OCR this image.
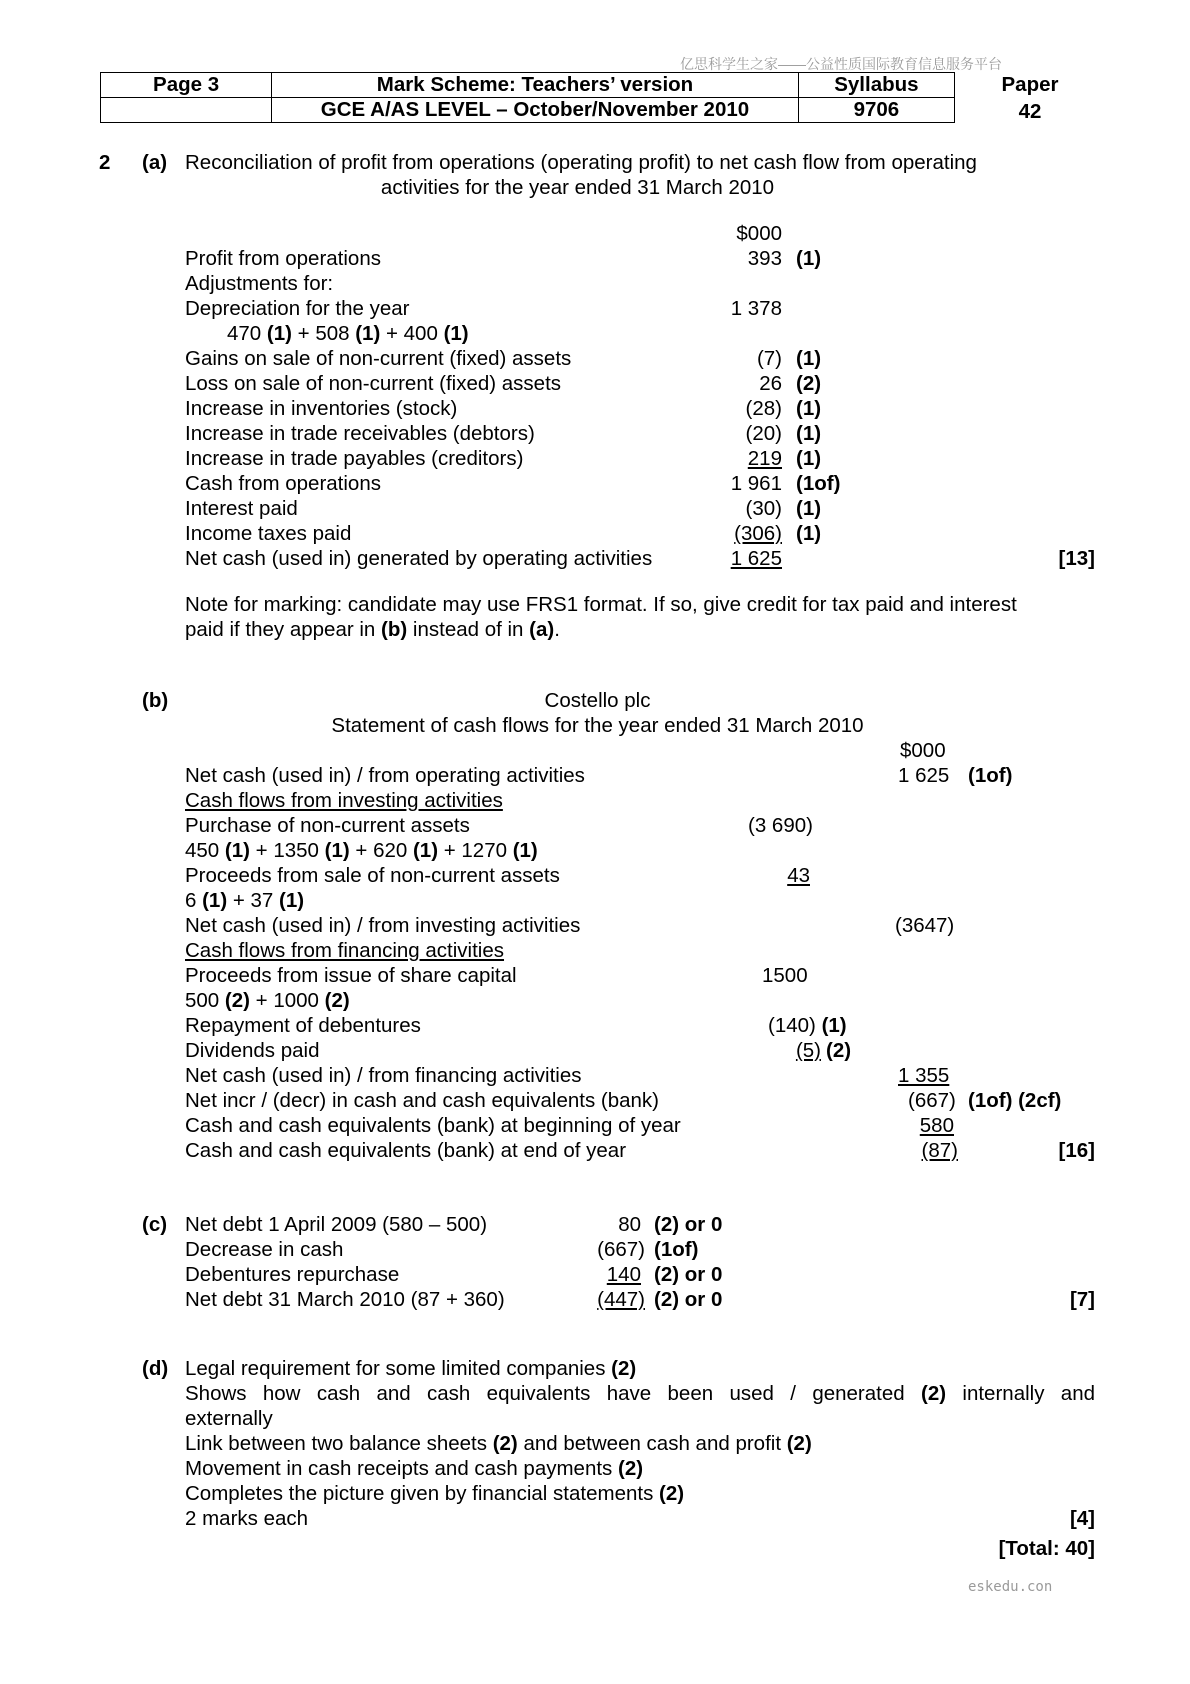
亿思科学生之家——公益性质国际教育信息服务平台
Page 3	Mark Scheme: Teachers’ version	Syllabus
	GCE A/AS LEVEL – October/November 2010	9706
Paper
42
2 (a) Reconciliation of profit from operations (operating profit) to net cash flow from operating
activities for the year ended 31 March 2010
$000
Profit from operations	393 (1)
Adjustments for:
Depreciation for the year	1 378
470 (1) + 508 (1) + 400 (1)
Gains on sale of non-current (fixed) assets	(7) (1)
Loss on sale of non-current (fixed) assets	26 (2)
Increase in inventories (stock)	(28) (1)
Increase in trade receivables (debtors)	(20) (1)
Increase in trade payables (creditors)	219 (1)
Cash from operations	1 961 (1of)
Interest paid	(30) (1)
Income taxes paid	(306) (1)
Net cash (used in) generated by operating activities	1 625	[13]
Note for marking: candidate may use FRS1 format. If so, give credit for tax paid and interest
paid if they appear in (b) instead of in (a).
(b)	Costello plc
Statement of cash flows for the year ended 31 March 2010
$000
Net cash (used in) / from operating activities	1 625 (1of)
Cash flows from investing activities
Purchase of non-current assets	(3 690)
450 (1) + 1350 (1) + 620 (1) + 1270 (1)
Proceeds from sale of non-current assets	43
6 (1) + 37 (1)
Net cash (used in) / from investing activities	(3647)
Cash flows from financing activities
Proceeds from issue of share capital	1500
500 (2) + 1000 (2)
Repayment of debentures	(140) (1)
Dividends paid	(5) (2)
Net cash (used in) / from financing activities	1 355
Net incr / (decr) in cash and cash equivalents (bank)	(667) (1of) (2cf)
Cash and cash equivalents (bank) at beginning of year	580
Cash and cash equivalents (bank) at end of year	(87)	[16]
(c) Net debt 1 April 2009 (580 – 500)	80 (2) or 0
Decrease in cash	(667) (1of)
Debentures repurchase	140 (2) or 0
Net debt 31 March 2010 (87 + 360)	(447) (2) or 0	[7]
(d) Legal requirement for some limited companies (2)
Shows how cash and cash equivalents have been used / generated (2) internally and
externally
Link between two balance sheets (2) and between cash and profit (2)
Movement in cash receipts and cash payments (2)
Completes the picture given by financial statements (2)
2 marks each	[4]
[Total: 40]
eskedu.con
